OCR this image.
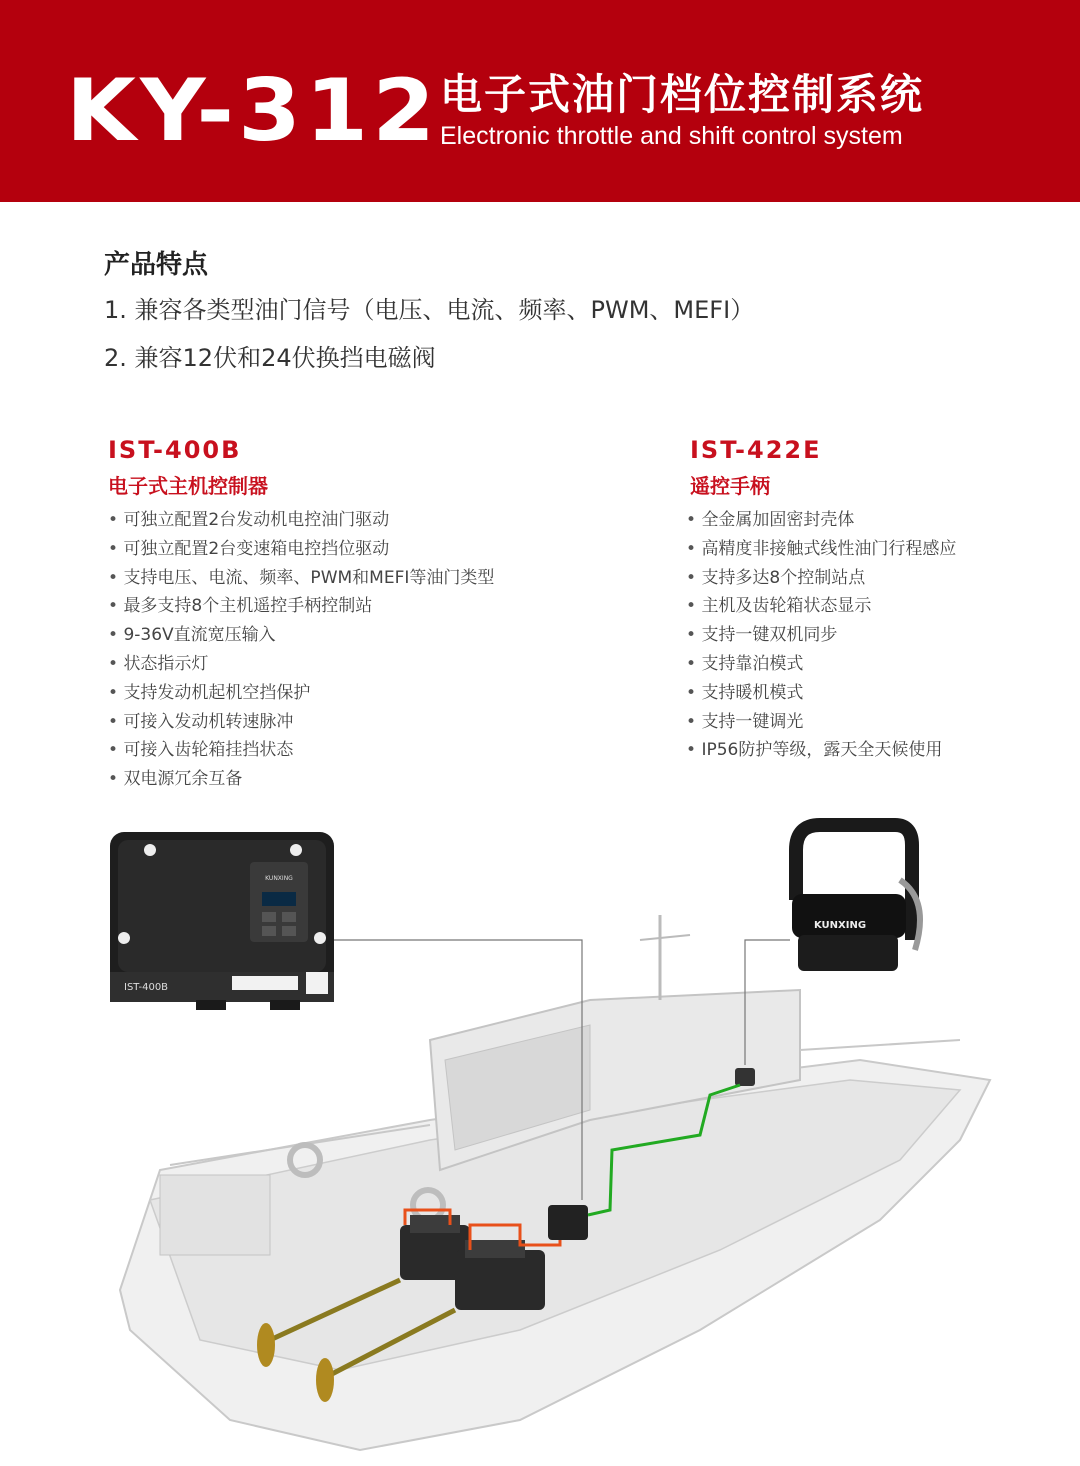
KY-312 电子式油门档位控制系统
Electronic throttle and shift control system
产品特点
1. 兼容各类型油门信号（电压、电流、频率、PWM、MEFI）
2. 兼容12伏和24伏换挡电磁阀
IST-400B
电子式主机控制器
• 可独立配置2台发动机电控油门驱动
• 可独立配置2台变速箱电控挡位驱动
• 支持电压、电流、频率、PWM和MEFI等油门类型
• 最多支持8个主机遥控手柄控制站
• 9-36V直流宽压输入
• 状态指示灯
• 支持发动机起机空挡保护
• 可接入发动机转速脉冲
• 可接入齿轮箱挂挡状态
• 双电源冗余互备
IST-422E
遥控手柄
• 全金属加固密封壳体
• 高精度非接触式线性油门行程感应
• 支持多达8个控制站点
• 主机及齿轮箱状态显示
• 支持一键双机同步
• 支持靠泊模式
• 支持暖机模式
• 支持一键调光
• IP56防护等级，露天全天候使用
KUNXING
IST-400B
KUNXING
